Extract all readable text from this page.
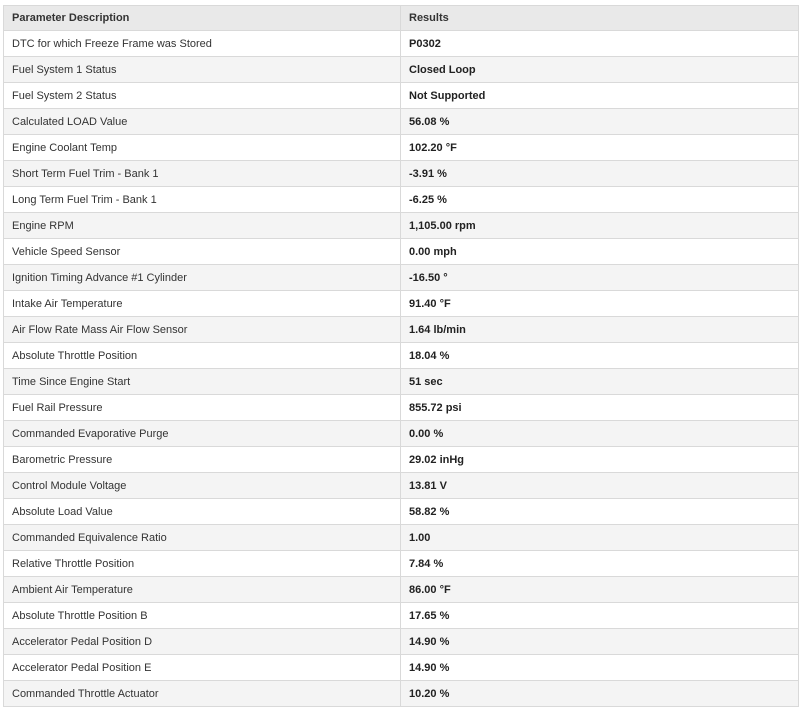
Parameter Description	Results
DTC for which Freeze Frame was Stored	P0302
Fuel System 1 Status	Closed Loop
Fuel System 2 Status	Not Supported
Calculated LOAD Value	56.08 %
Engine Coolant Temp	102.20 °F
Short Term Fuel Trim - Bank 1	-3.91 %
Long Term Fuel Trim - Bank 1	-6.25 %
Engine RPM	1,105.00 rpm
Vehicle Speed Sensor	0.00 mph
Ignition Timing Advance #1 Cylinder	-16.50 °
Intake Air Temperature	91.40 °F
Air Flow Rate Mass Air Flow Sensor	1.64 lb/min
Absolute Throttle Position	18.04 %
Time Since Engine Start	51 sec
Fuel Rail Pressure	855.72 psi
Commanded Evaporative Purge	0.00 %
Barometric Pressure	29.02 inHg
Control Module Voltage	13.81 V
Absolute Load Value	58.82 %
Commanded Equivalence Ratio	1.00
Relative Throttle Position	7.84 %
Ambient Air Temperature	86.00 °F
Absolute Throttle Position B	17.65 %
Accelerator Pedal Position D	14.90 %
Accelerator Pedal Position E	14.90 %
Commanded Throttle Actuator	10.20 %
